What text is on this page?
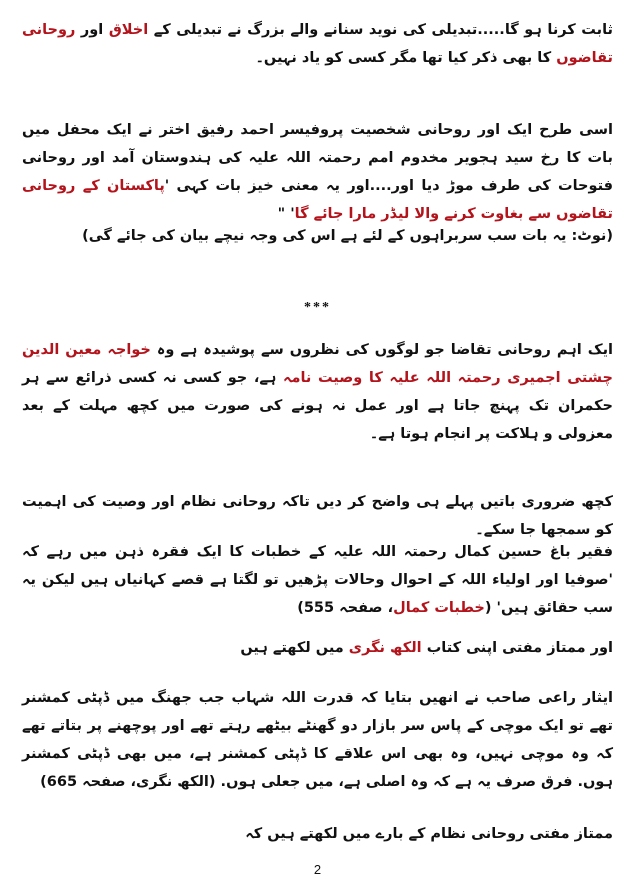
ثابت کرنا ہو گا.....تبدیلی کی نوید سنانے والے بزرگ نے تبدیلی کے اخلاق اور روحانی تقاضوں کا بھی ذکر کیا تھا مگر کسی کو یاد نہیں۔

اسی طرح ایک اور روحانی شخصیت پروفیسر احمد رفیق اختر نے ایک محفل میں بات کا رخ سید ہجویر مخدوم امم رحمتہ اللہ علیہ کی ہندوستان آمد اور روحانی فتوحات کی طرف موڑ دیا اور....اور یہ معنی خیز بات کہی 'پاکستان کے روحانی تقاضوں سے بغاوت کرنے والا لیڈر مارا جائے گا' "

(نوٹ: یہ بات سب سربراہوں کے لئے ہے اس کی وجہ نیچے بیان کی جائے گی)

***

ایک اہم روحانی تقاضا جو لوگوں کی نظروں سے پوشیدہ ہے وہ خواجہ معین الدین چشتی اجمیری رحمتہ اللہ علیہ کا وصیت نامہ ہے، جو کسی نہ کسی ذرائع سے ہر حکمران تک پہنچ جاتا ہے اور عمل نہ ہونے کی صورت میں کچھ مہلت کے بعد معزولی و ہلاکت پر انجام ہوتا ہے۔

کچھ ضروری باتیں پہلے ہی واضح کر دیں تاکہ روحانی نظام اور وصیت کی اہمیت کو سمجھا جا سکے۔

فقیر باغ حسین کمال رحمتہ اللہ علیہ کے خطبات کا ایک فقرہ ذہن میں رہے کہ 'صوفیا اور اولیاء اللہ کے احوال وحالات پڑھیں تو لگتا ہے قصے کہانیاں ہیں لیکن یہ سب حقائق ہیں' (خطبات کمال، صفحہ 555)

اور ممتاز مفتی اپنی کتاب الکھ نگری میں لکھتے ہیں

ایثار راعی صاحب نے انھیں بتایا کہ قدرت اللہ شہاب جب جھنگ میں ڈپٹی کمشنر تھے تو ایک موچی کے پاس سر بازار دو گھنٹے بیٹھے رہتے تھے اور پوچھنے پر بتاتے تھے کہ وہ موچی نہیں، وہ بھی اس علاقے کا ڈپٹی کمشنر ہے، میں بھی ڈپٹی کمشنر ہوں. فرق صرف یہ ہے کہ وہ اصلی ہے، میں جعلی ہوں. (الکھ نگری، صفحہ 665)

ممتاز مفتی روحانی نظام کے بارے میں لکھتے ہیں کہ

2
